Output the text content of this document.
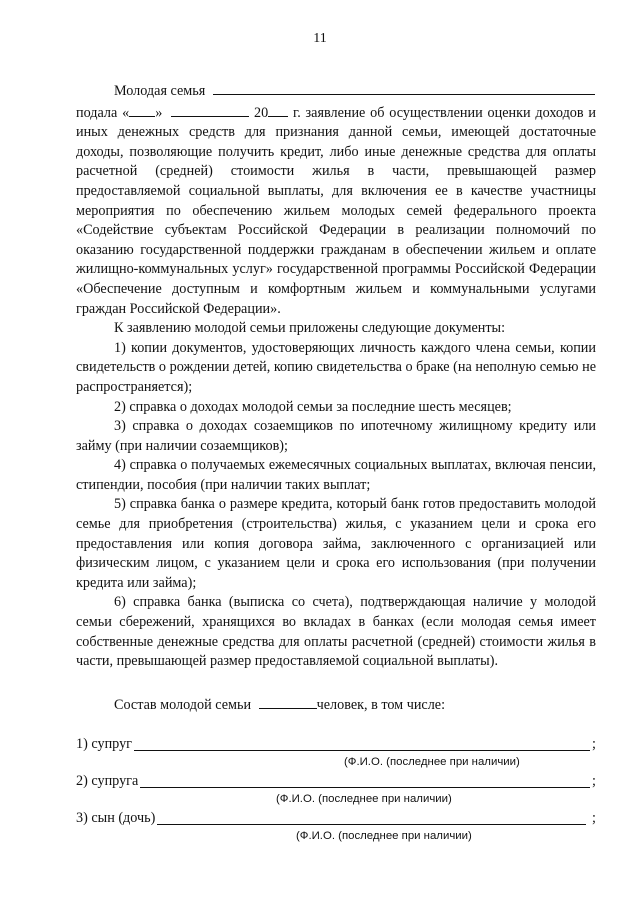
11

Молодая семья

подала « »	20 г. заявление об осуществлении оценки доходов и иных денежных средств для признания данной семьи, имеющей достаточные доходы, позволяющие получить кредит, либо иные денежные средства для оплаты расчетной (средней) стоимости жилья в части, превышающей размер предоставляемой социальной выплаты, для включения ее в качестве участницы мероприятия по обеспечению жильем молодых семей федерального проекта «Содействие субъектам Российской Федерации в реализации полномочий по оказанию государственной поддержки гражданам в обеспечении жильем и оплате жилищно-коммунальных услуг» государственной программы Российской Федерации «Обеспечение доступным и комфортным жильем и коммунальными услугами граждан Российской Федерации».

К заявлению молодой семьи приложены следующие документы:

1) копии документов, удостоверяющих личность каждого члена семьи, копии свидетельств о рождении детей, копию свидетельства о браке (на неполную семью не распространяется);

2) справка о доходах молодой семьи за последние шесть месяцев;

3) справка о доходах созаемщиков по ипотечному жилищному кредиту или займу (при наличии созаемщиков);

4) справка о получаемых ежемесячных социальных выплатах, включая пенсии, стипендии, пособия (при наличии таких выплат;

5) справка банка о размере кредита, который банк готов предоставить молодой семье для приобретения (строительства) жилья, с указанием цели и срока его предоставления или копия договора займа, заключенного с организацией или физическим лицом, с указанием цели и срока его использования (при получении кредита или займа);

6) справка банка (выписка со счета), подтверждающая наличие у молодой семьи сбережений, хранящихся во вкладах в банках (если молодая семья имеет собственные денежные средства для оплаты расчетной (средней) стоимости жилья в части, превышающей размер предоставляемой социальной выплаты).

Состав молодой семьи	человек, в том числе:

1) супруг	;
(Ф.И.О. (последнее при наличии)
2) супруга	;
(Ф.И.О. (последнее при наличии)
3) сын (дочь)	;
(Ф.И.О. (последнее при наличии)
